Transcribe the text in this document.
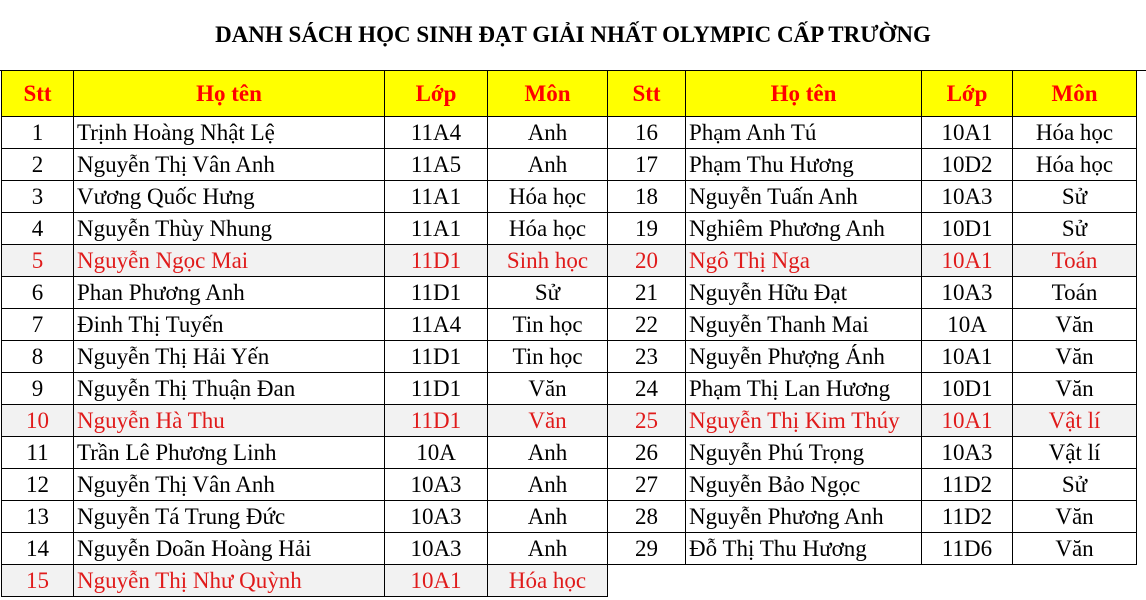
DANH SÁCH HỌC SINH ĐẠT GIẢI NHẤT OLYMPIC CẤP TRƯỜNG
Stt	Họ tên	Lớp	Môn	Stt	Họ tên	Lớp	Môn
1	Trịnh Hoàng Nhật Lệ	11A4	Anh	16	Phạm Anh Tú	10A1	Hóa học
2	Nguyễn Thị Vân Anh	11A5	Anh	17	Phạm Thu Hương	10D2	Hóa học
3	Vương Quốc Hưng	11A1	Hóa học	18	Nguyễn Tuấn Anh	10A3	Sử
4	Nguyễn Thùy Nhung	11A1	Hóa học	19	Nghiêm Phương Anh	10D1	Sử
5	Nguyễn Ngọc Mai	11D1	Sinh học	20	Ngô Thị Nga	10A1	Toán
6	Phan Phương Anh	11D1	Sử	21	Nguyễn Hữu Đạt	10A3	Toán
7	Đinh Thị Tuyến	11A4	Tin học	22	Nguyễn Thanh Mai	10A	Văn
8	Nguyễn Thị Hải Yến	11D1	Tin học	23	Nguyễn Phượng Ánh	10A1	Văn
9	Nguyễn Thị Thuận Đan	11D1	Văn	24	Phạm Thị Lan Hương	10D1	Văn
10	Nguyễn Hà Thu	11D1	Văn	25	Nguyễn Thị Kim Thúy	10A1	Vật lí
11	Trần Lê Phương Linh	10A	Anh	26	Nguyễn Phú Trọng	10A3	Vật lí
12	Nguyễn Thị Vân Anh	10A3	Anh	27	Nguyễn Bảo Ngọc	11D2	Sử
13	Nguyễn Tá Trung Đức	10A3	Anh	28	Nguyễn Phương Anh	11D2	Văn
14	Nguyễn Doãn Hoàng Hải	10A3	Anh	29	Đỗ Thị Thu Hương	11D6	Văn
15	Nguyễn Thị Như Quỳnh	10A1	Hóa học				
